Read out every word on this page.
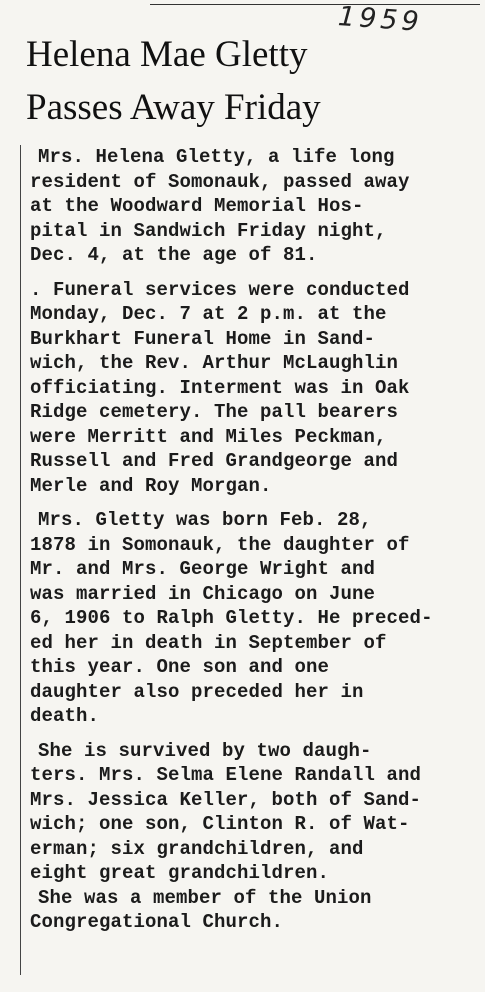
1959
Helena Mae Gletty
Passes Away Friday
Mrs. Helena Gletty, a life long
resident of Somonauk, passed away
at the Woodward Memorial Hos-
pital in Sandwich Friday night,
Dec. 4, at the age of 81.
. Funeral services were conducted
Monday, Dec. 7 at 2 p.m. at the
Burkhart Funeral Home in Sand-
wich, the Rev. Arthur McLaughlin
officiating. Interment was in Oak
Ridge cemetery. The pall bearers
were Merritt and Miles Peckman,
Russell and Fred Grandgeorge and
Merle and Roy Morgan.
Mrs. Gletty was born Feb. 28,
1878 in Somonauk, the daughter of
Mr. and Mrs. George Wright and
was married in Chicago on June
6, 1906 to Ralph Gletty. He preced-
ed her in death in September of
this year. One son and one
daughter also preceded her in
death.
She is survived by two daugh-
ters. Mrs. Selma Elene Randall and
Mrs. Jessica Keller, both of Sand-
wich; one son, Clinton R. of Wat-
erman; six grandchildren, and
eight great grandchildren.
She was a member of the Union
Congregational Church.
